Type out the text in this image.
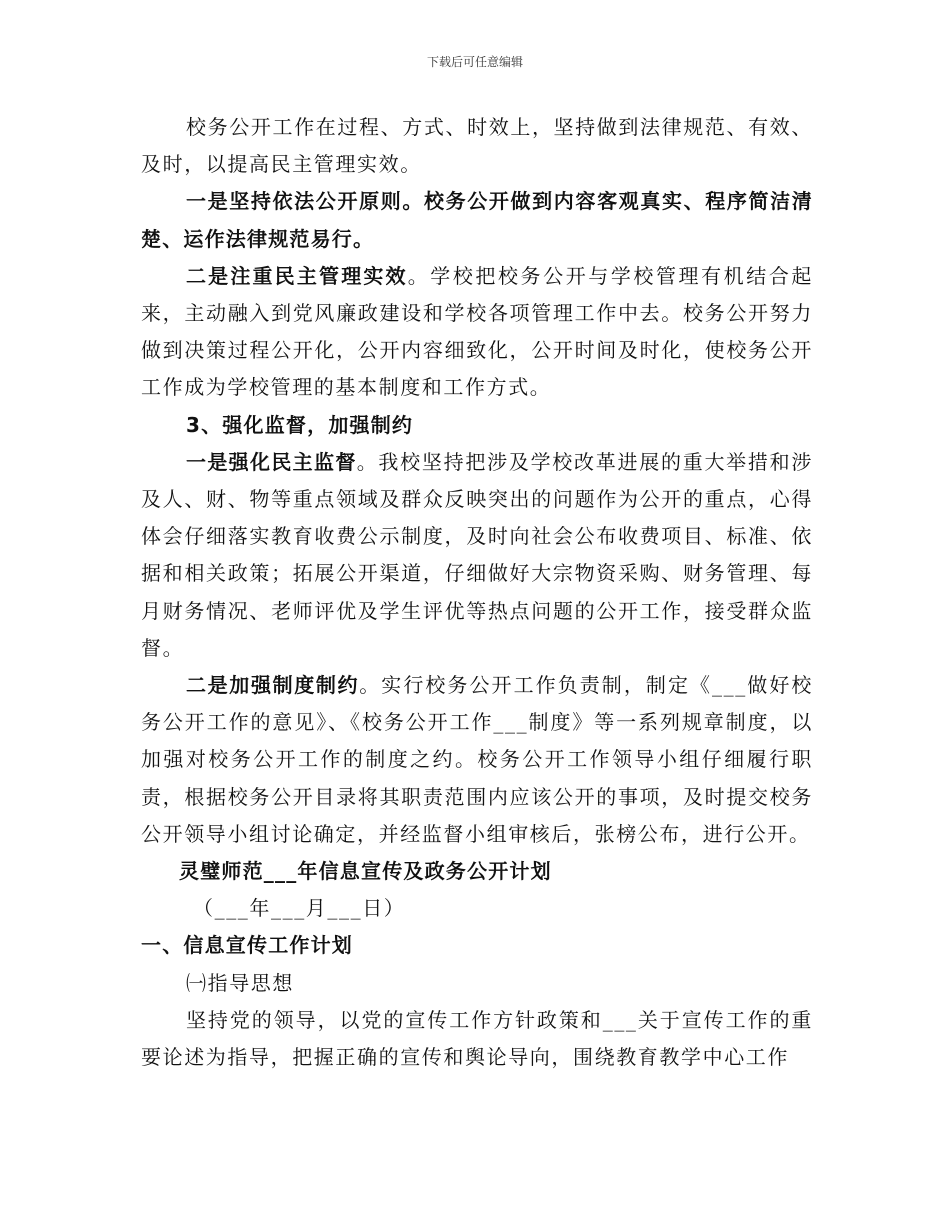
下载后可任意编辑

校务公开工作在过程、方式、时效上，坚持做到法律规范、有效、及时，以提高民主管理实效。

一是坚持依法公开原则。校务公开做到内容客观真实、程序简洁清楚、运作法律规范易行。

二是注重民主管理实效。学校把校务公开与学校管理有机结合起来，主动融入到党风廉政建设和学校各项管理工作中去。校务公开努力做到决策过程公开化，公开内容细致化，公开时间及时化，使校务公开工作成为学校管理的基本制度和工作方式。

3、强化监督，加强制约

一是强化民主监督。我校坚持把涉及学校改革进展的重大举措和涉及人、财、物等重点领域及群众反映突出的问题作为公开的重点，心得体会仔细落实教育收费公示制度，及时向社会公布收费项目、标准、依据和相关政策；拓展公开渠道，仔细做好大宗物资采购、财务管理、每月财务情况、老师评优及学生评优等热点问题的公开工作，接受群众监督。

二是加强制度制约。实行校务公开工作负责制，制定《___做好校务公开工作的意见》、《校务公开工作___制度》等一系列规章制度，以加强对校务公开工作的制度之约。校务公开工作领导小组仔细履行职责，根据校务公开目录将其职责范围内应该公开的事项，及时提交校务公开领导小组讨论确定，并经监督小组审核后，张榜公布，进行公开。

灵璧师范___年信息宣传及政务公开计划

（___年___月___日）

一、信息宣传工作计划

㈠指导思想

坚持党的领导，以党的宣传工作方针政策和___关于宣传工作的重要论述为指导，把握正确的宣传和舆论导向，围绕教育教学中心工作
